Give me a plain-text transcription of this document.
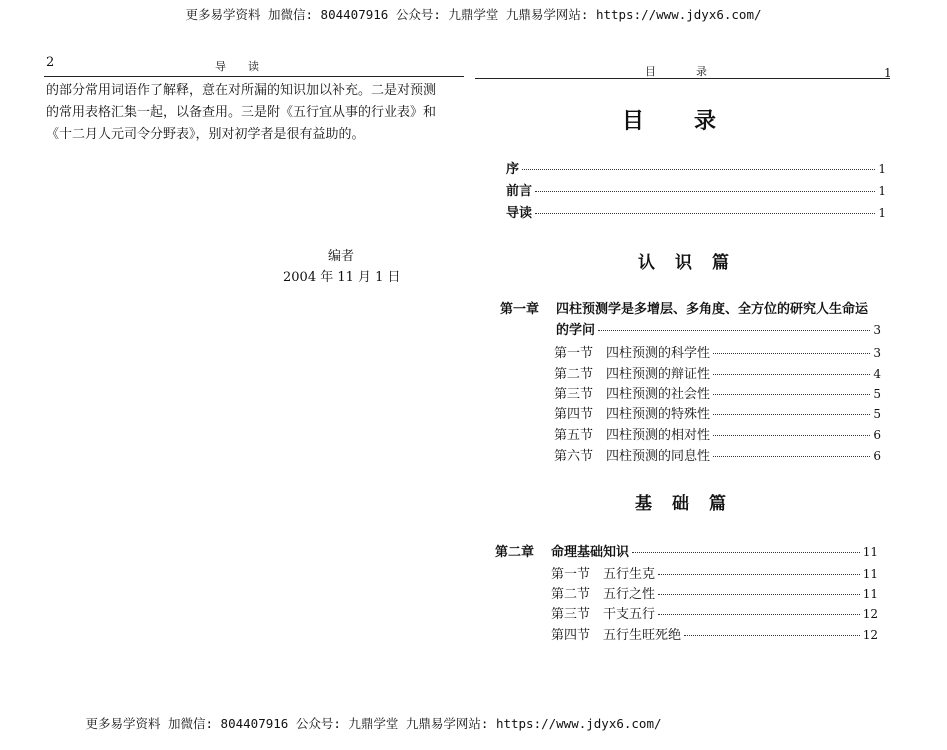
更多易学资料 加微信: 804407916 公众号: 九鼎学堂 九鼎易学网站: https://www.jdyx6.com/
2	导读
的部分常用词语作了解释，意在对所漏的知识加以补充。二是对预测
的常用表格汇集一起，以备查用。三是附《五行宜从事的行业表》和
《十二月人元司令分野表》，别对初学者是很有益助的。
编者
2004 年 11 月 1 日
目录	1
目录
序	1
前言	1
导读	1
认识篇
第一章	四柱预测学是多增层、多角度、全方位的研究人生命运
的学问	3
第一节 四柱预测的科学性	3
第二节 四柱预测的辩证性	4
第三节 四柱预测的社会性	5
第四节 四柱预测的特殊性	5
第五节 四柱预测的相对性	6
第六节 四柱预测的同息性	6
基础篇
第二章	命理基础知识	11
第一节 五行生克	11
第二节 五行之性	11
第三节 干支五行	12
第四节 五行生旺死绝	12
更多易学资料 加微信: 804407916 公众号: 九鼎学堂 九鼎易学网站: https://www.jdyx6.com/
